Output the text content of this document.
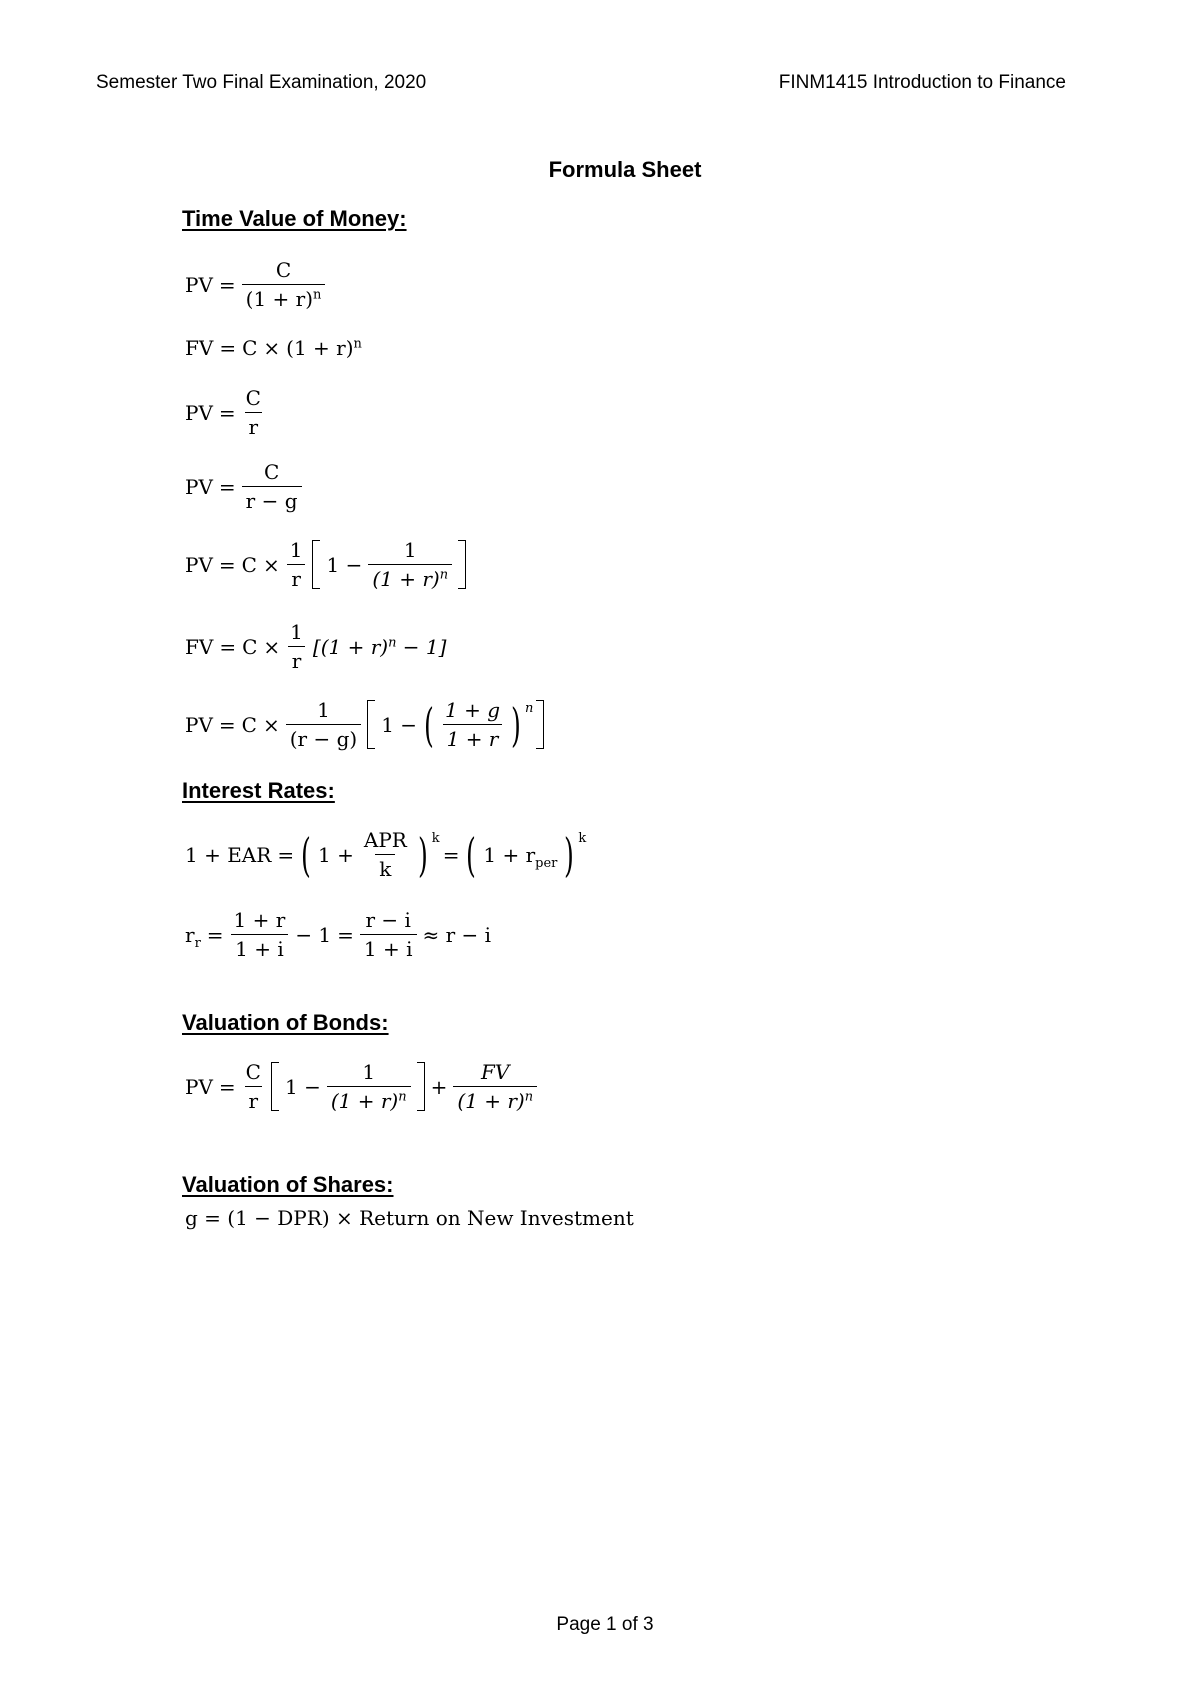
Semester Two Final Examination, 2020	FINM1415 Introduction to Finance
Formula Sheet
Time Value of Money:
PV = $\frac{C}{(1 + r)^n}$
FV = $C \times (1 + r)^n$
PV = $\frac{C}{r}$
PV = $\frac{C}{r - g}$
PV = $C \times \frac{1}{r} 1 - \frac{1}{(1 + r)^n}$
FV = $C \times \frac{1}{r} [(1 + r)^n - 1]$
PV = $C \times \frac{1}{(r - g)} 1$ − ( $\frac{1 + g}{1 + r}$ ) n
Interest Rates:
1 + EAR = ( $1 + \frac{\text{APR}}{k}$ ) k
= ( $1 + r_{per}$ ) k
$r_r = \frac{1 + r}{1 + i} - 1 = \frac{r - i}{1 + i} \approx r - i$
Valuation of Bonds:
PV = $\frac{C}{r} 1 - \frac{1}{(1 + r)^n} + \frac{FV}{(1 + r)^n}$
Valuation of Shares:
g = (1 − DPR) × Return on New Investment
Page 1 of 3
